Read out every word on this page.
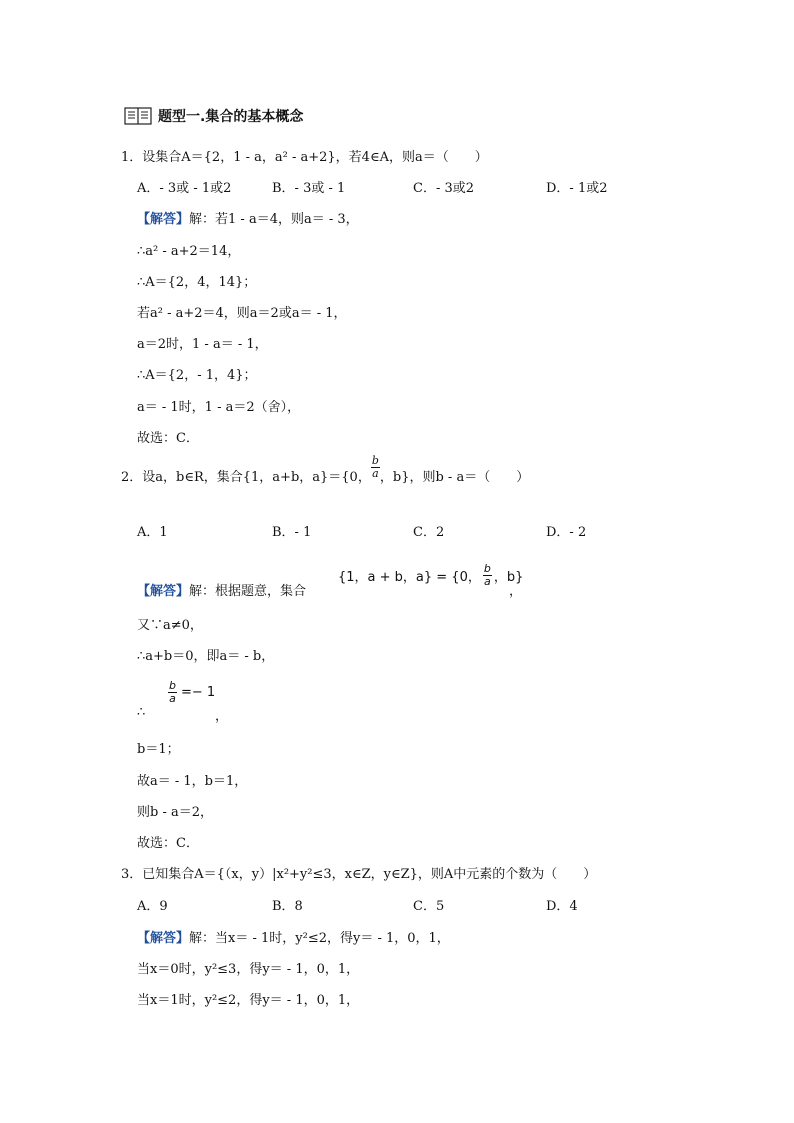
题型一.集合的基本概念
1．设集合A＝{2，1 - a，a² - a+2}，若4∈A，则a＝（　　）
A．- 3或 - 1或2	B．- 3或 - 1	C．- 3或2	D．- 1或2
【解答】解：若1 - a＝4，则a＝ - 3，
∴a² - a+2＝14，
∴A＝{2，4，14}；
若a² - a+2＝4，则a＝2或a＝ - 1，
a＝2时，1 - a＝ - 1，
∴A＝{2，- 1，4}；
a＝ - 1时，1 - a＝2（舍），
故选：C．
2．设a，b∈R，集合{1，a+b，a}＝{0， $\frac{b}{a}$ ，b}，则b - a＝（　　）
A．1	B．- 1	C．2	D．- 2
【解答】解：根据题意，集合
{1，a + b，a} = {0， $\frac{b}{a}$ ，b}
，
又∵a≠0，
∴a+b＝0，即a＝ - b，
∴
$\frac{b}{a} =- 1$
，
b＝1；
故a＝ - 1，b＝1，
则b - a＝2，
故选：C．
3．已知集合A＝{（x，y）|x²+y²≤3，x∈Z，y∈Z}，则A中元素的个数为（　　）
A．9	B．8	C．5	D．4
【解答】解：当x＝ - 1时，y²≤2，得y＝ - 1，0，1，
当x＝0时，y²≤3，得y＝ - 1，0，1，
当x＝1时，y²≤2，得y＝ - 1，0，1，
